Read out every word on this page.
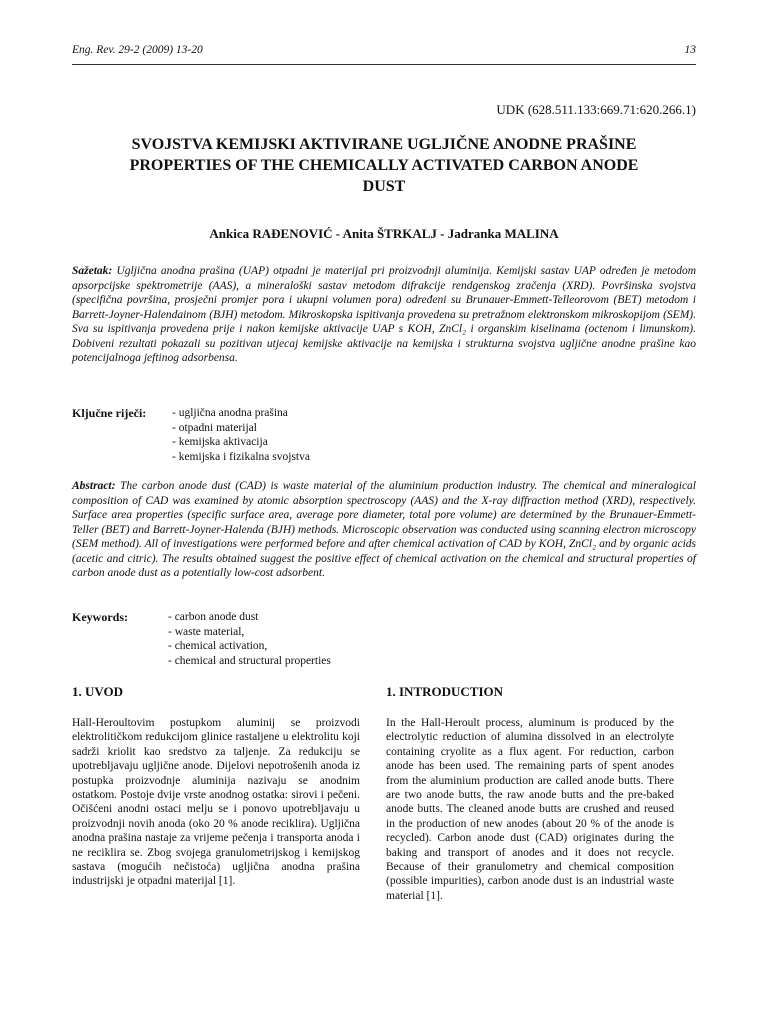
Eng. Rev. 29-2 (2009) 13-20	13
UDK (628.511.133:669.71:620.266.1)
SVOJSTVA KEMIJSKI AKTIVIRANE UGLJIČNE ANODNE PRAŠINE
PROPERTIES OF THE CHEMICALLY ACTIVATED CARBON ANODE
DUST
Ankica RAĐENOVIĆ - Anita ŠTRKALJ - Jadranka MALINA
Sažetak: Ugljična anodna prašina (UAP) otpadni je materijal pri proizvodnji aluminija. Kemijski sastav UAP određen je metodom apsorpcijske spektrometrije (AAS), a mineraloški sastav metodom difrakcije rendgenskog zračenja (XRD). Površinska svojstva (specifična površina, prosječni promjer pora i ukupni volumen pora) određeni su Brunauer-Emmett-Telleorovom (BET) metodom i Barrett-Joyner-Halendainom (BJH) metodom. Mikroskopska ispitivanja provedena su pretražnom elektronskom mikroskopijom (SEM). Sva su ispitivanja provedena prije i nakon kemijske aktivacije UAP s KOH, ZnCl₂ i organskim kiselinama (octenom i limunskom). Dobiveni rezultati pokazali su pozitivan utjecaj kemijske aktivacije na kemijska i strukturna svojstva ugljične anodne prašine kao potencijalnoga jeftinog adsorbensa.
Ključne riječi: - ugljična anodna prašina
- otpadni materijal
- kemijska aktivacija
- kemijska i fizikalna svojstva
Abstract: The carbon anode dust (CAD) is waste material of the aluminium production industry. The chemical and mineralogical composition of CAD was examined by atomic absorption spectroscopy (AAS) and the X-ray diffraction method (XRD), respectively. Surface area properties (specific surface area, average pore diameter, total pore volume) are determined by the Brunauer-Emmett-Teller (BET) and Barrett-Joyner-Halenda (BJH) methods. Microscopic observation was conducted using scanning electron microscopy (SEM method). All of investigations were performed before and after chemical activation of CAD by KOH, ZnCl₂ and by organic acids (acetic and citric). The results obtained suggest the positive effect of chemical activation on the chemical and structural properties of carbon anode dust as a potentially low-cost adsorbent.
Keywords:	- carbon anode dust
- waste material,
- chemical activation,
- chemical and structural properties
1. UVOD	1. INTRODUCTION
Hall-Heroultovim postupkom aluminij se proizvodi elektrolitičkom redukcijom glinice rastaljene u elektrolitu koji sadrži kriolit kao sredstvo za taljenje. Za redukciju se upotrebljavaju ugljične anode. Dijelovi nepotrošenih anoda iz postupka proizvodnje aluminija nazivaju se anodnim ostatkom. Postoje dvije vrste anodnog ostatka: sirovi i pečeni. Očišćeni anodni ostaci melju se i ponovo upotrebljavaju u proizvodnji novih anoda (oko 20 % anode reciklira). Ugljična anodna prašina nastaje za vrijeme pečenja i transporta anoda i ne reciklira se. Zbog svojega granulometrijskog i kemijskog sastava (mogućih nečistoća) ugljična anodna prašina industrijski je otpadni materijal [1].
In the Hall-Heroult process, aluminum is produced by the electrolytic reduction of alumina dissolved in an electrolyte containing cryolite as a flux agent. For reduction, carbon anode has been used. The remaining parts of spent anodes from the aluminium production are called anode butts. There are two anode butts, the raw anode butts and the pre-baked anode butts. The cleaned anode butts are crushed and reused in the production of new anodes (about 20 % of the anode is recycled). Carbon anode dust (CAD) originates during the baking and transport of anodes and it does not recycle. Because of their granulometry and chemical composition (possible impurities), carbon anode dust is an industrial waste material [1].
